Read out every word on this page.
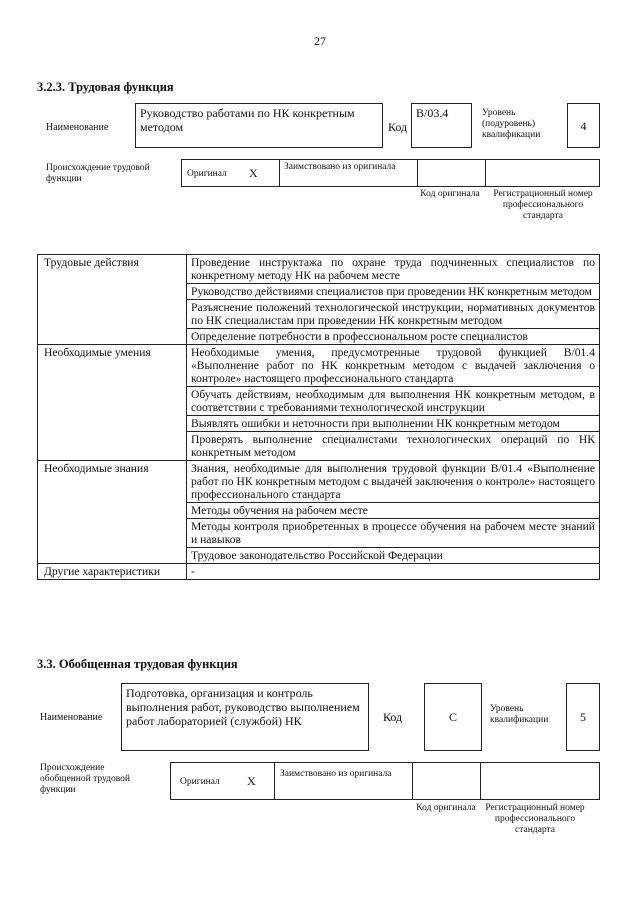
27
3.2.3. Трудовая функция
Наименование
Руководство работами по НК конкретным методом	Код
B/03.4	Уровень (подуровень) квалификации
4
Происхождение трудовой функции	Оригинал X	Заимствовано из оригинала
Код оригинала Регистрационный номер профессионального стандарта
Трудовые действия	Проведение инструктажа по охране труда подчиненных специалистов по конкретному методу НК на рабочем месте
	Руководство действиями специалистов при проведении НК конкретным методом
	Разъяснение положений технологической инструкции, нормативных документов по НК специалистам при проведении НК конкретным методом
	Определение потребности в профессиональном росте специалистов
Необходимые умения	Необходимые умения, предусмотренные трудовой функцией B/01.4 «Выполнение работ по НК конкретным методом с выдачей заключения о контроле» настоящего профессионального стандарта
	Обучать действиям, необходимым для выполнения НК конкретным методом, в соответствии с требованиями технологической инструкции
	Выявлять ошибки и неточности при выполнении НК конкретным методом
	Проверять выполнение специалистами технологических операций по НК конкретным методом
Необходимые знания	Знания, необходимые для выполнения трудовой функции B/01.4 «Выполнение работ по НК конкретным методом с выдачей заключения о контроле» настоящего профессионального стандарта
	Методы обучения на рабочем месте
	Методы контроля приобретенных в процессе обучения на рабочем месте знаний и навыков
	Трудовое законодательство Российской Федерации
Другие характеристики	-
3.3. Обобщенная трудовая функция
Наименование
Подготовка, организация и контроль выполнения работ, руководство выполнением работ лабораторией (службой) НК	Код	C
Уровень квалификации	5
Происхождение обобщенной трудовой функции
Оригинал X	Заимствовано из оригинала
Код оригинала Регистрационный номер профессионального стандарта
